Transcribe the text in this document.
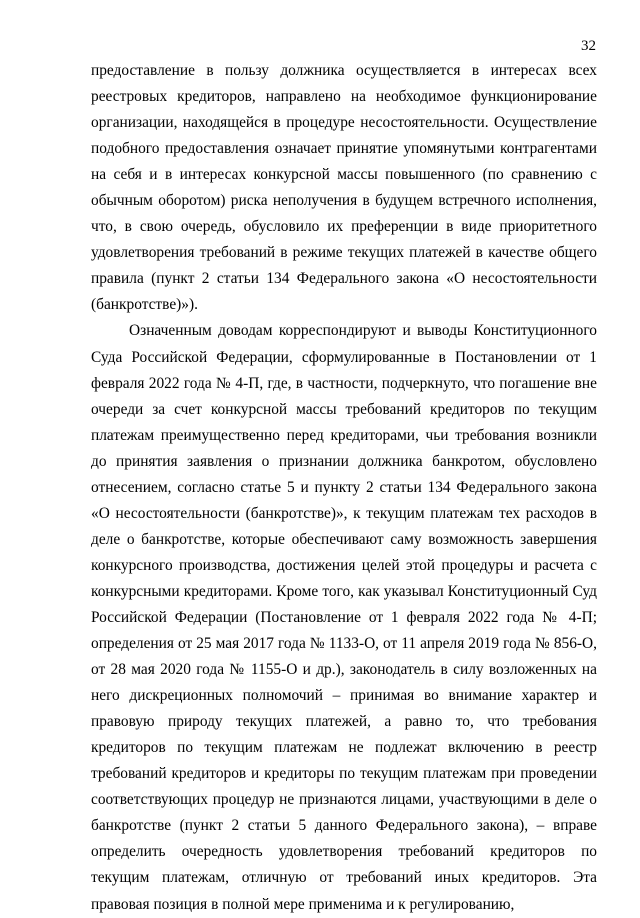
32

предоставление в пользу должника осуществляется в интересах всех реестровых кредиторов, направлено на необходимое функционирование организации, находящейся в процедуре несостоятельности. Осуществление подобного предоставления означает принятие упомянутыми контрагентами на себя и в интересах конкурсной массы повышенного (по сравнению с обычным оборотом) риска неполучения в будущем встречного исполнения, что, в свою очередь, обусловило их преференции в виде приоритетного удовлетворения требований в режиме текущих платежей в качестве общего правила (пункт 2 статьи 134 Федерального закона «О несостоятельности (банкротстве)»).

Означенным доводам корреспондируют и выводы Конституционного Суда Российской Федерации, сформулированные в Постановлении от 1 февраля 2022 года № 4-П, где, в частности, подчеркнуто, что погашение вне очереди за счет конкурсной массы требований кредиторов по текущим платежам преимущественно перед кредиторами, чьи требования возникли до принятия заявления о признании должника банкротом, обусловлено отнесением, согласно статье 5 и пункту 2 статьи 134 Федерального закона «О несостоятельности (банкротстве)», к текущим платежам тех расходов в деле о банкротстве, которые обеспечивают саму возможность завершения конкурсного производства, достижения целей этой процедуры и расчета с конкурсными кредиторами. Кроме того, как указывал Конституционный Суд Российской Федерации (Постановление от 1 февраля 2022 года № 4-П; определения от 25 мая 2017 года № 1133-О, от 11 апреля 2019 года № 856-О, от 28 мая 2020 года № 1155-О и др.), законодатель в силу возложенных на него дискреционных полномочий – принимая во внимание характер и правовую природу текущих платежей, а равно то, что требования кредиторов по текущим платежам не подлежат включению в реестр требований кредиторов и кредиторы по текущим платежам при проведении соответствующих процедур не признаются лицами, участвующими в деле о банкротстве (пункт 2 статьи 5 данного Федерального закона), – вправе определить очередность удовлетворения требований кредиторов по текущим платежам, отличную от требований иных кредиторов. Эта правовая позиция в полной мере применима и к регулированию,
